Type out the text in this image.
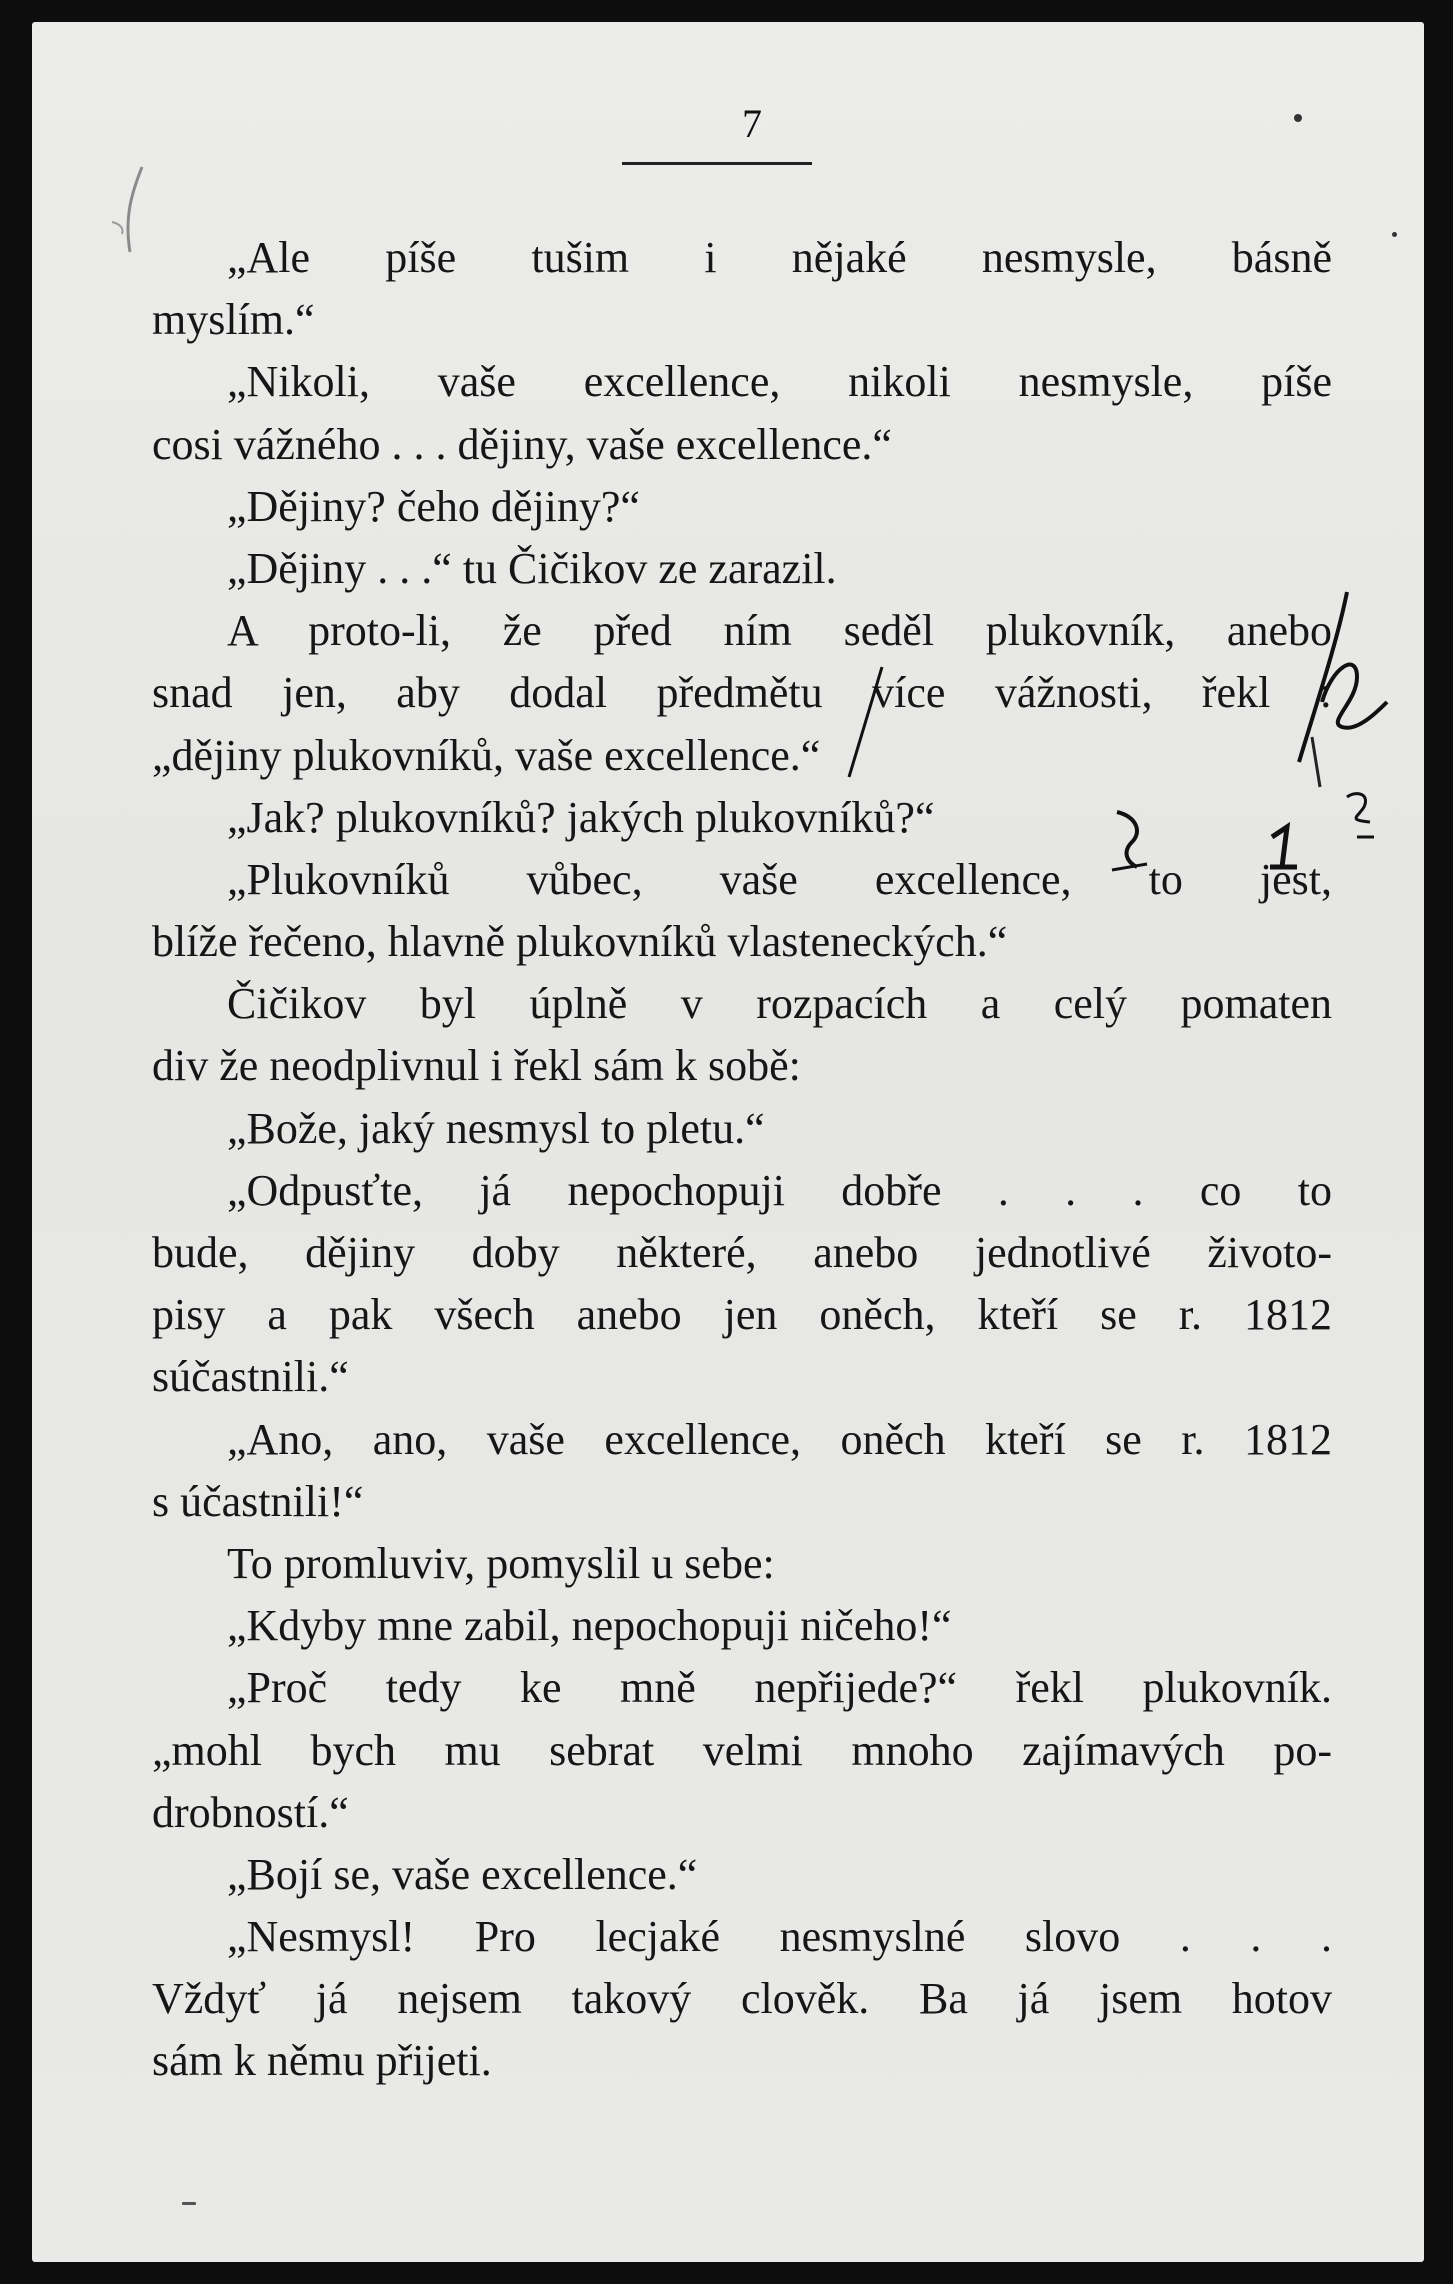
7
„Ale píše tušim i nějaké nesmysle, básně
myslím.“
„Nikoli, vaše excellence, nikoli nesmysle, píše
cosi vážného . . . dějiny, vaše excellence.“
„Dějiny? čeho dějiny?“
„Dějiny . . .“ tu Čičikov ze zarazil.
A proto-li, že před ním seděl plukovník, anebo
snad jen, aby dodal předmětu více vážnosti, řekl :
„dějiny plukovníků, vaše excellence.“
„Jak? plukovníků? jakých plukovníků?“
„Plukovníků vůbec, vaše excellence, to jest,
blíže řečeno, hlavně plukovníků vlasteneckých.“
Čičikov byl úplně v rozpacích a celý pomaten
div že neodplivnul i řekl sám k sobě:
„Bože, jaký nesmysl to pletu.“
„Odpusťte, já nepochopuji dobře . . . co to
bude, dějiny doby některé, anebo jednotlivé životo-
pisy a pak všech anebo jen oněch, kteří se r. 1812
súčastnili.“
„Ano, ano, vaše excellence, oněch kteří se r. 1812
s účastnili!“
To promluviv, pomyslil u sebe:
„Kdyby mne zabil, nepochopuji ničeho!“
„Proč tedy ke mně nepřijede?“ řekl plukovník.
„mohl bych mu sebrat velmi mnoho zajímavých po-
drobností.“
„Bojí se, vaše excellence.“
„Nesmysl! Pro lecjaké nesmyslné slovo . . .
Vždyť já nejsem takový clověk. Ba já jsem hotov
sám k němu přijeti.
